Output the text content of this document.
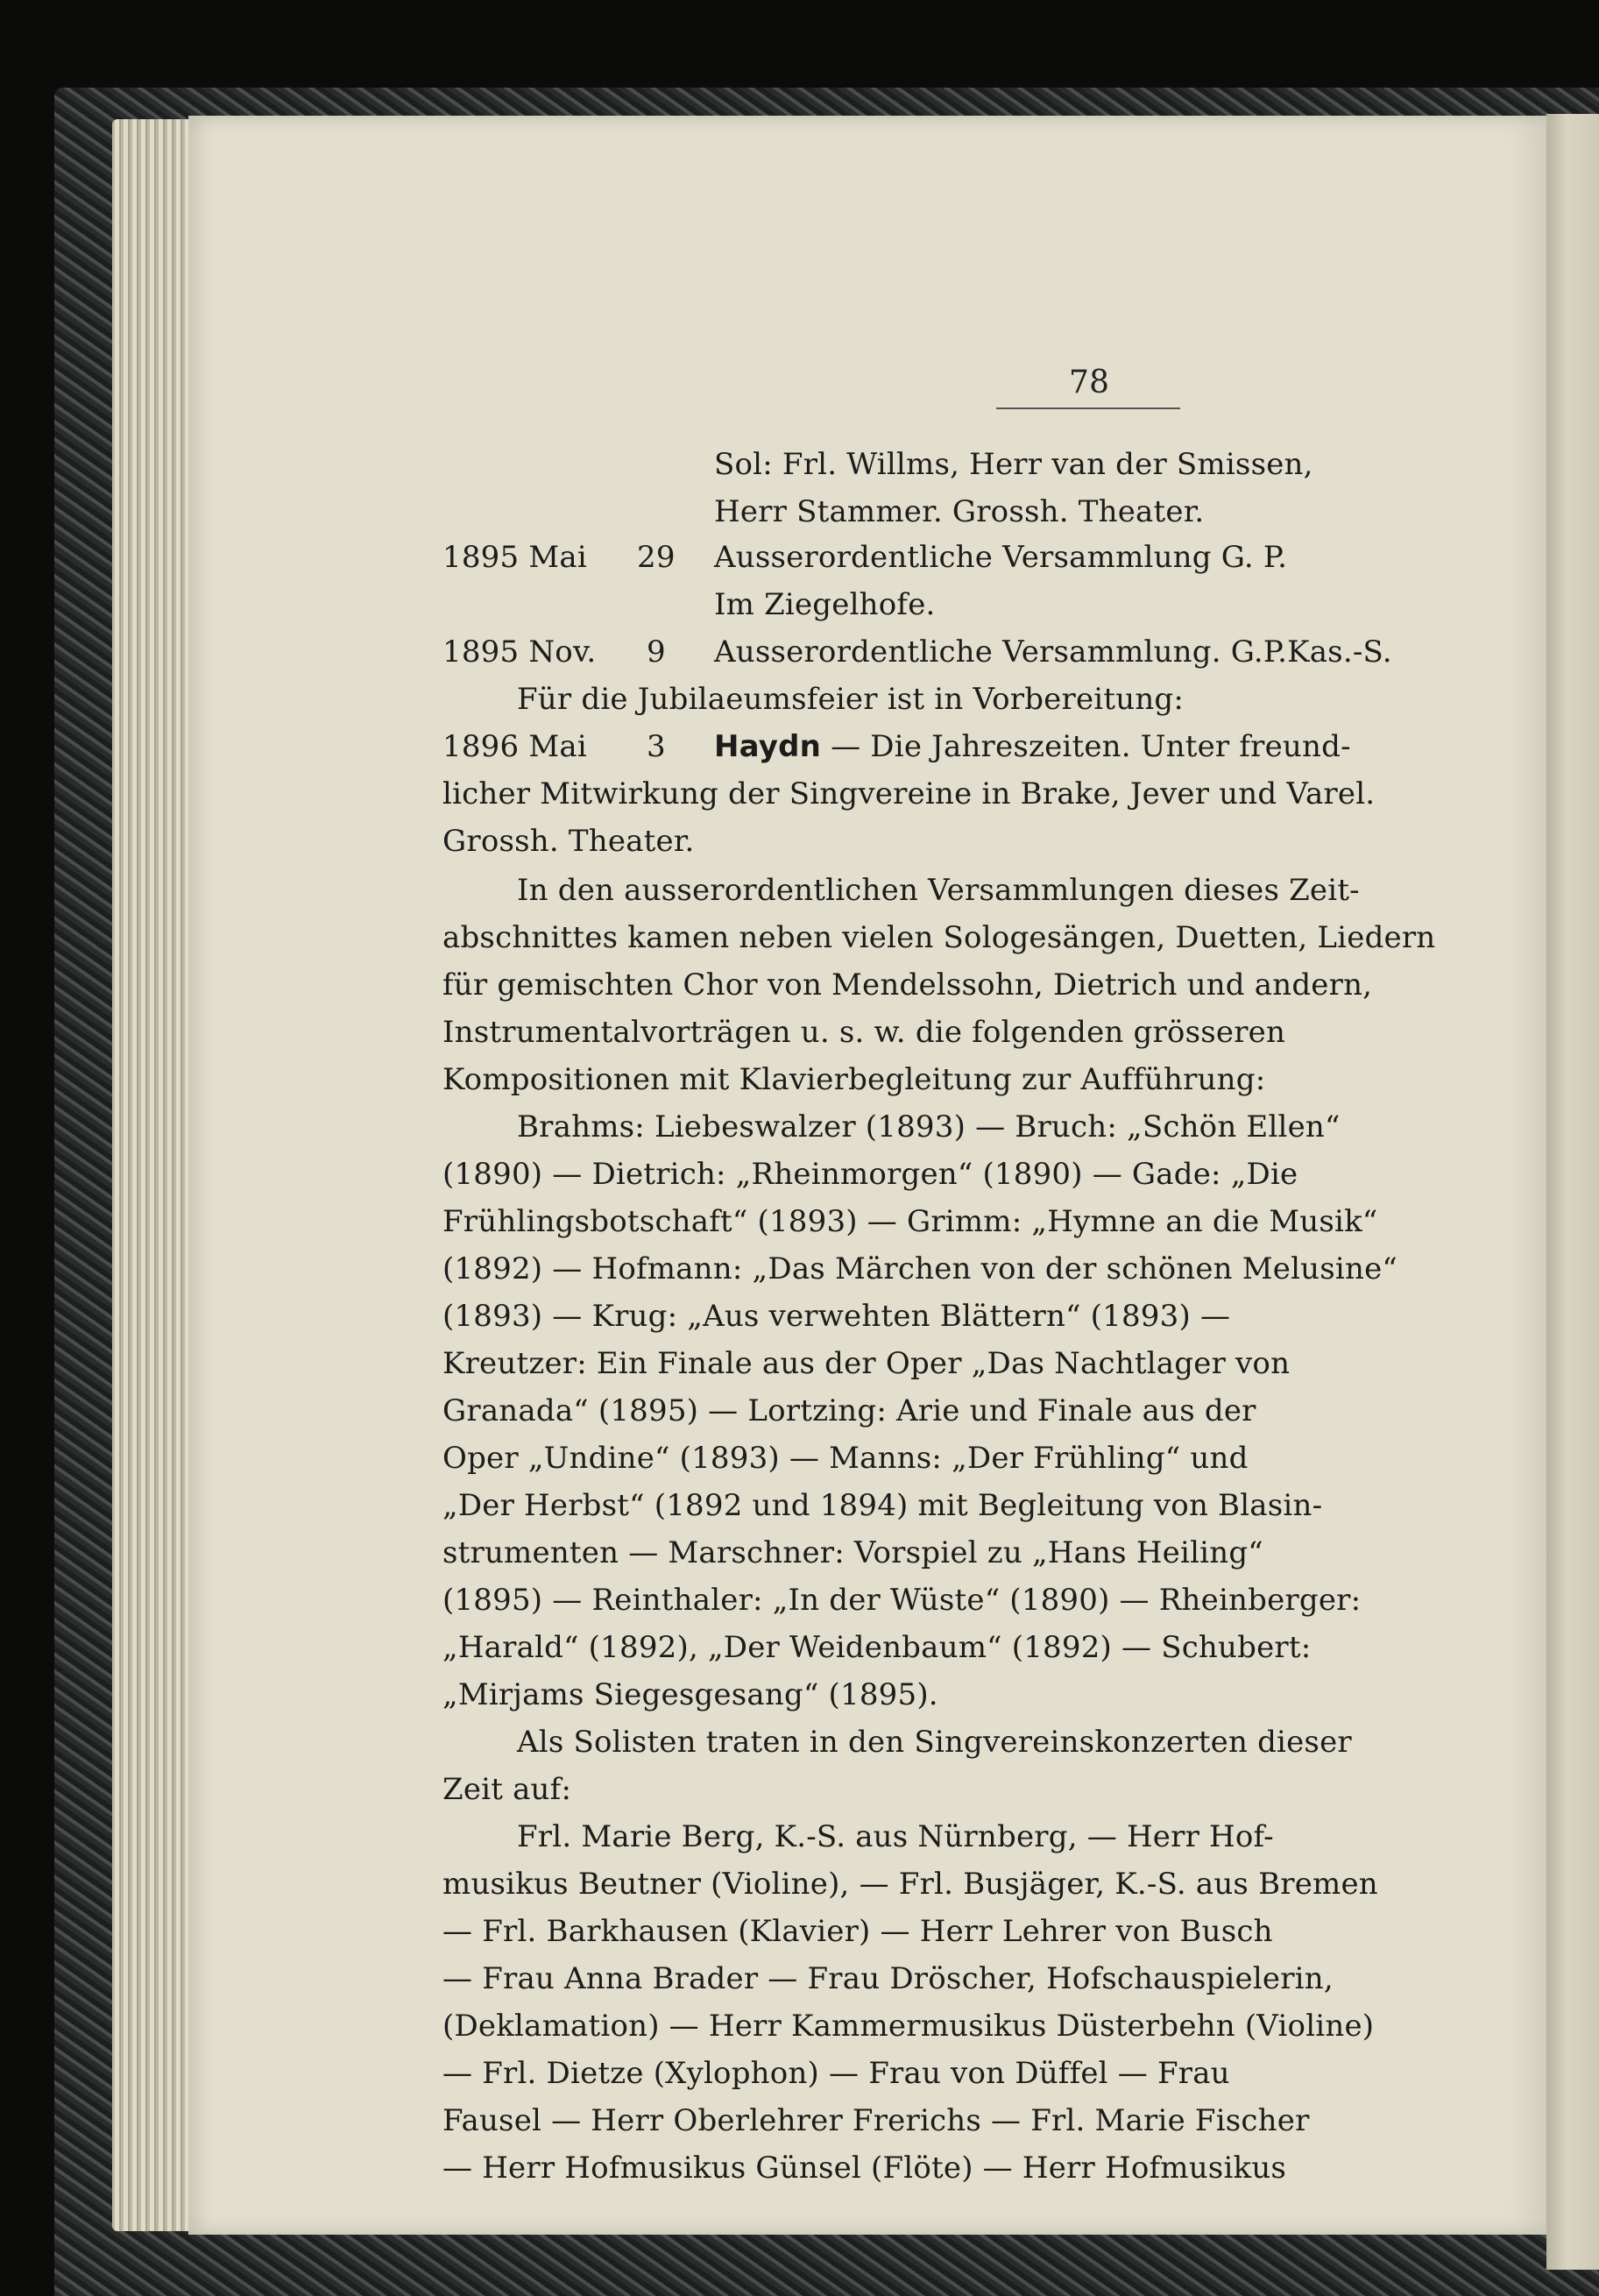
78
Sol: Frl. Willms, Herr van der Smissen,
Herr Stammer. Grossh. Theater.
1895 Mai 29 Ausserordentliche Versammlung G. P.
Im Ziegelhofe.
1895 Nov. 9 Ausserordentliche Versammlung. G.P.Kas.-S.
Für die Jubilaeumsfeier ist in Vorbereitung:
1896 Mai 3 Haydn — Die Jahreszeiten. Unter freund-
licher Mitwirkung der Singvereine in Brake, Jever und Varel.
Grossh. Theater.
In den ausserordentlichen Versammlungen dieses Zeit-
abschnittes kamen neben vielen Sologesängen, Duetten, Liedern
für gemischten Chor von Mendelssohn, Dietrich und andern,
Instrumentalvorträgen u. s. w. die folgenden grösseren
Kompositionen mit Klavierbegleitung zur Aufführung:
Brahms: Liebeswalzer (1893) — Bruch: „Schön Ellen“
(1890) — Dietrich: „Rheinmorgen“ (1890) — Gade: „Die
Frühlingsbotschaft“ (1893) — Grimm: „Hymne an die Musik“
(1892) — Hofmann: „Das Märchen von der schönen Melusine“
(1893) — Krug: „Aus verwehten Blättern“ (1893) —
Kreutzer: Ein Finale aus der Oper „Das Nachtlager von
Granada“ (1895) — Lortzing: Arie und Finale aus der
Oper „Undine“ (1893) — Manns: „Der Frühling“ und
„Der Herbst“ (1892 und 1894) mit Begleitung von Blasin-
strumenten — Marschner: Vorspiel zu „Hans Heiling“
(1895) — Reinthaler: „In der Wüste“ (1890) — Rheinberger:
„Harald“ (1892), „Der Weidenbaum“ (1892) — Schubert:
„Mirjams Siegesgesang“ (1895).
Als Solisten traten in den Singvereinskonzerten dieser
Zeit auf:
Frl. Marie Berg, K.-S. aus Nürnberg, — Herr Hof-
musikus Beutner (Violine), — Frl. Busjäger, K.-S. aus Bremen
— Frl. Barkhausen (Klavier) — Herr Lehrer von Busch
— Frau Anna Brader — Frau Dröscher, Hofschauspielerin,
(Deklamation) — Herr Kammermusikus Düsterbehn (Violine)
— Frl. Dietze (Xylophon) — Frau von Düffel — Frau
Fausel — Herr Oberlehrer Frerichs — Frl. Marie Fischer
— Herr Hofmusikus Günsel (Flöte) — Herr Hofmusikus
